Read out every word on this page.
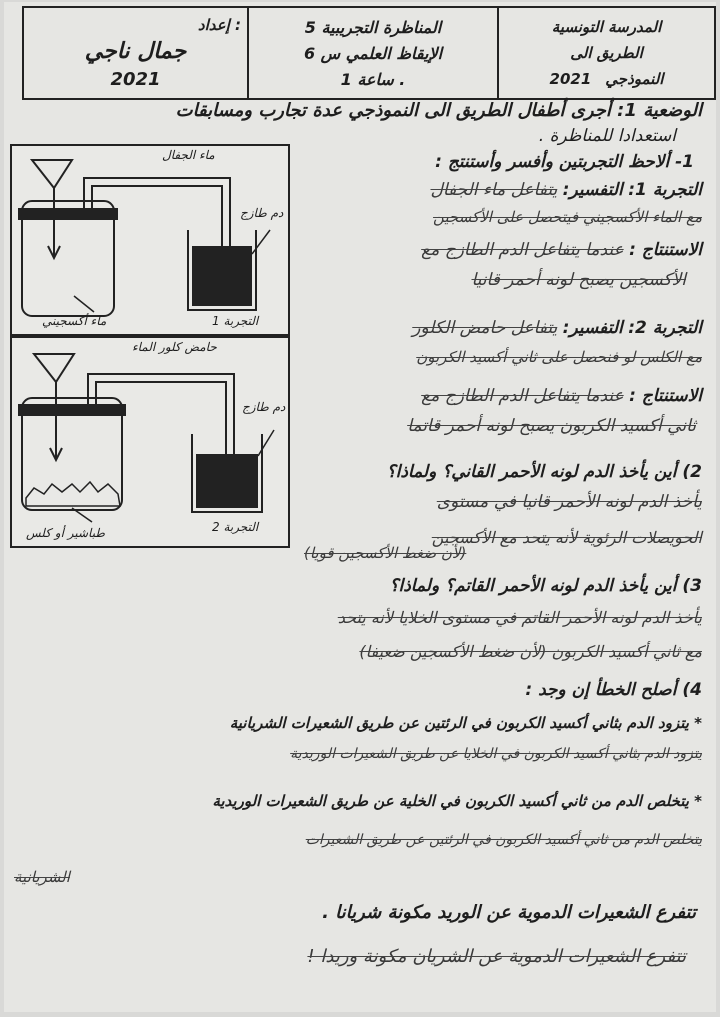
إعداد :
جمال ناجي
2021
المناظرة التجريبية 5
الإيقاظ العلمي س 6
1 ساعة .
المدرسة التونسية
الطريق الى
2021 النموذجي
الوضعية 1: أجرى أطفال الطريق الى النموذجي عدة تجارب ومسابقات
استعدادا للمناظرة .
1- ألاحظ التجربتين وأفسر وأستنتج :
ماء الجفال
دم طازج
ماء أكسجيني	التجربة 1
حامض كلور الماء
دم طازج
طباشير أو كلس	التجربة 2
التجربة 1: التفسير: يتفاعل ماء الجفال
مع الماء الأكسجيني فيتحصل على الأكسجين
الاستنتاج : عندما يتفاعل الدم الطازج مع
الأكسجين يصبح لونه أحمر قانيا
التجربة 2: التفسير: يتفاعل حامض الكلور
مع الكلس لو فنحصل على ثاني أكسيد الكربون
الاستنتاج : عندما يتفاعل الدم الطازج مع
ثاني أكسيد الكربون يصبح لونه أحمر قاتما
2) أين يأخذ الدم لونه الأحمر القاني؟ ولماذا؟
يأخذ الدم لونه الأحمر قانيا في مستوى
الحويصلات الرئوية لأنه يتحد مع الأكسجين
(لأن ضغط الأكسجين قويا)
3) أين يأخذ الدم لونه الأحمر القاتم؟ ولماذا؟
يأخذ الدم لونه الأحمر القاتم في مستوى الخلايا لأنه يتحد
مع ثاني أكسيد الكربون (لأن ضغط الأكسجين ضعيفا)
4) أصلح الخطأ إن وجد :
* يتزود الدم بثاني أكسيد الكربون في الرئتين عن طريق الشعيرات الشريانية
يتزود الدم بثاني أكسيد الكربون في الخلايا عن طريق الشعيرات الوريدية
* يتخلص الدم من ثاني أكسيد الكربون في الخلية عن طريق الشعيرات الوريدية
يتخلص الدم من ثاني أكسيد الكربون في الرئتين عن طريق الشعيرات
الشريانية
تتفرع الشعيرات الدموية عن الوريد مكونة شريانا .
تتفرع الشعيرات الدموية عن الشريان مكونة وريدا !
